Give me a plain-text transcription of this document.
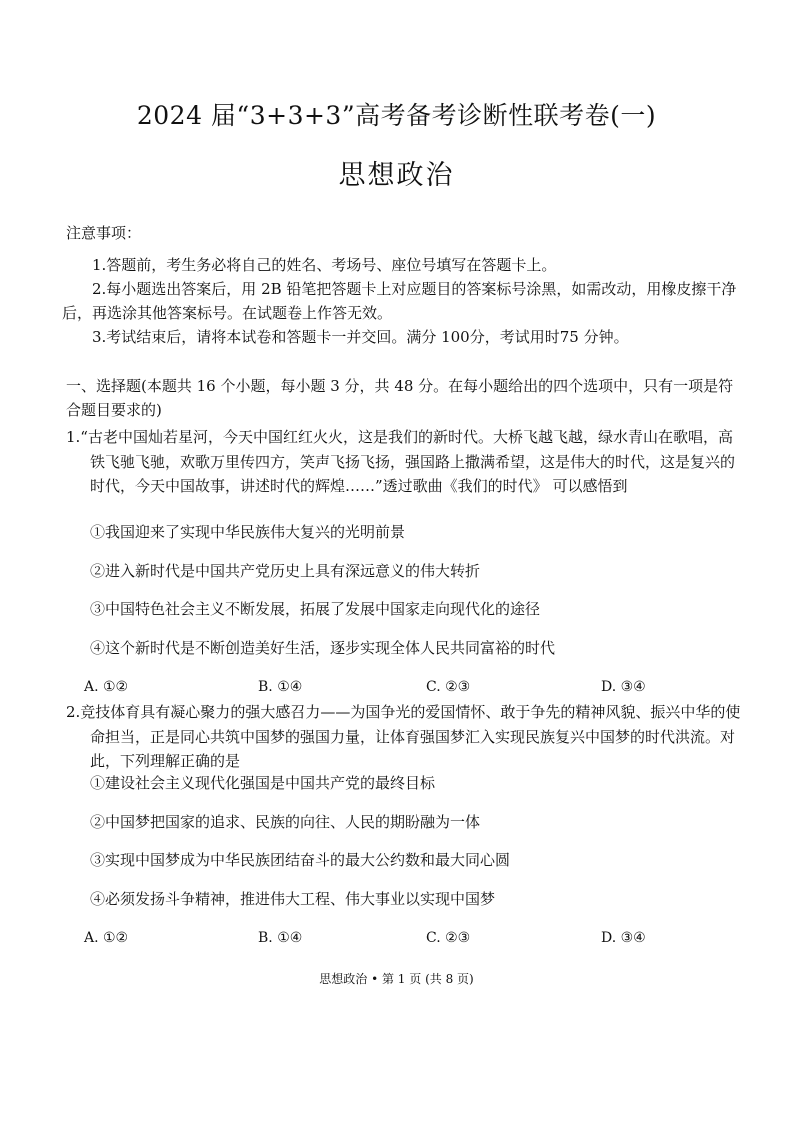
2024 届“3+3+3”高考备考诊断性联考卷(一)
思想政治
注意事项：
1.答题前，考生务必将自己的姓名、考场号、座位号填写在答题卡上。
2.每小题选出答案后，用 2B 铅笔把答题卡上对应题目的答案标号涂黑，如需改动，用橡皮擦干净后，再选涂其他答案标号。在试题卷上作答无效。
3.考试结束后，请将本试卷和答题卡一并交回。满分 100分，考试用时75 分钟。
一、选择题(本题共 16 个小题，每小题 3 分，共 48 分。在每小题给出的四个选项中，只有一项是符合题目要求的)
1.“古老中国灿若星河，今天中国红红火火，这是我们的新时代。大桥飞越飞越，绿水青山在歌唱，高铁飞驰飞驰，欢歌万里传四方，笑声飞扬飞扬，强国路上撒满希望，这是伟大的时代，这是复兴的时代，今天中国故事，讲述时代的辉煌……”透过歌曲《我们的时代》 可以感悟到
①我国迎来了实现中华民族伟大复兴的光明前景
②进入新时代是中国共产党历史上具有深远意义的伟大转折
③中国特色社会主义不断发展，拓展了发展中国家走向现代化的途径
④这个新时代是不断创造美好生活，逐步实现全体人民共同富裕的时代
A. ①②	B. ①④	C. ②③	D. ③④
2.竞技体育具有凝心聚力的强大感召力——为国争光的爱国情怀、敢于争先的精神风貌、振兴中华的使命担当，正是同心共筑中国梦的强国力量，让体育强国梦汇入实现民族复兴中国梦的时代洪流。对此，下列理解正确的是
①建设社会主义现代化强国是中国共产党的最终目标
②中国梦把国家的追求、民族的向往、人民的期盼融为一体
③实现中国梦成为中华民族团结奋斗的最大公约数和最大同心圆
④必须发扬斗争精神，推进伟大工程、伟大事业以实现中国梦
A. ①②	B. ①④	C. ②③	D. ③④
思想政治 • 第 1 页 (共 8 页)
